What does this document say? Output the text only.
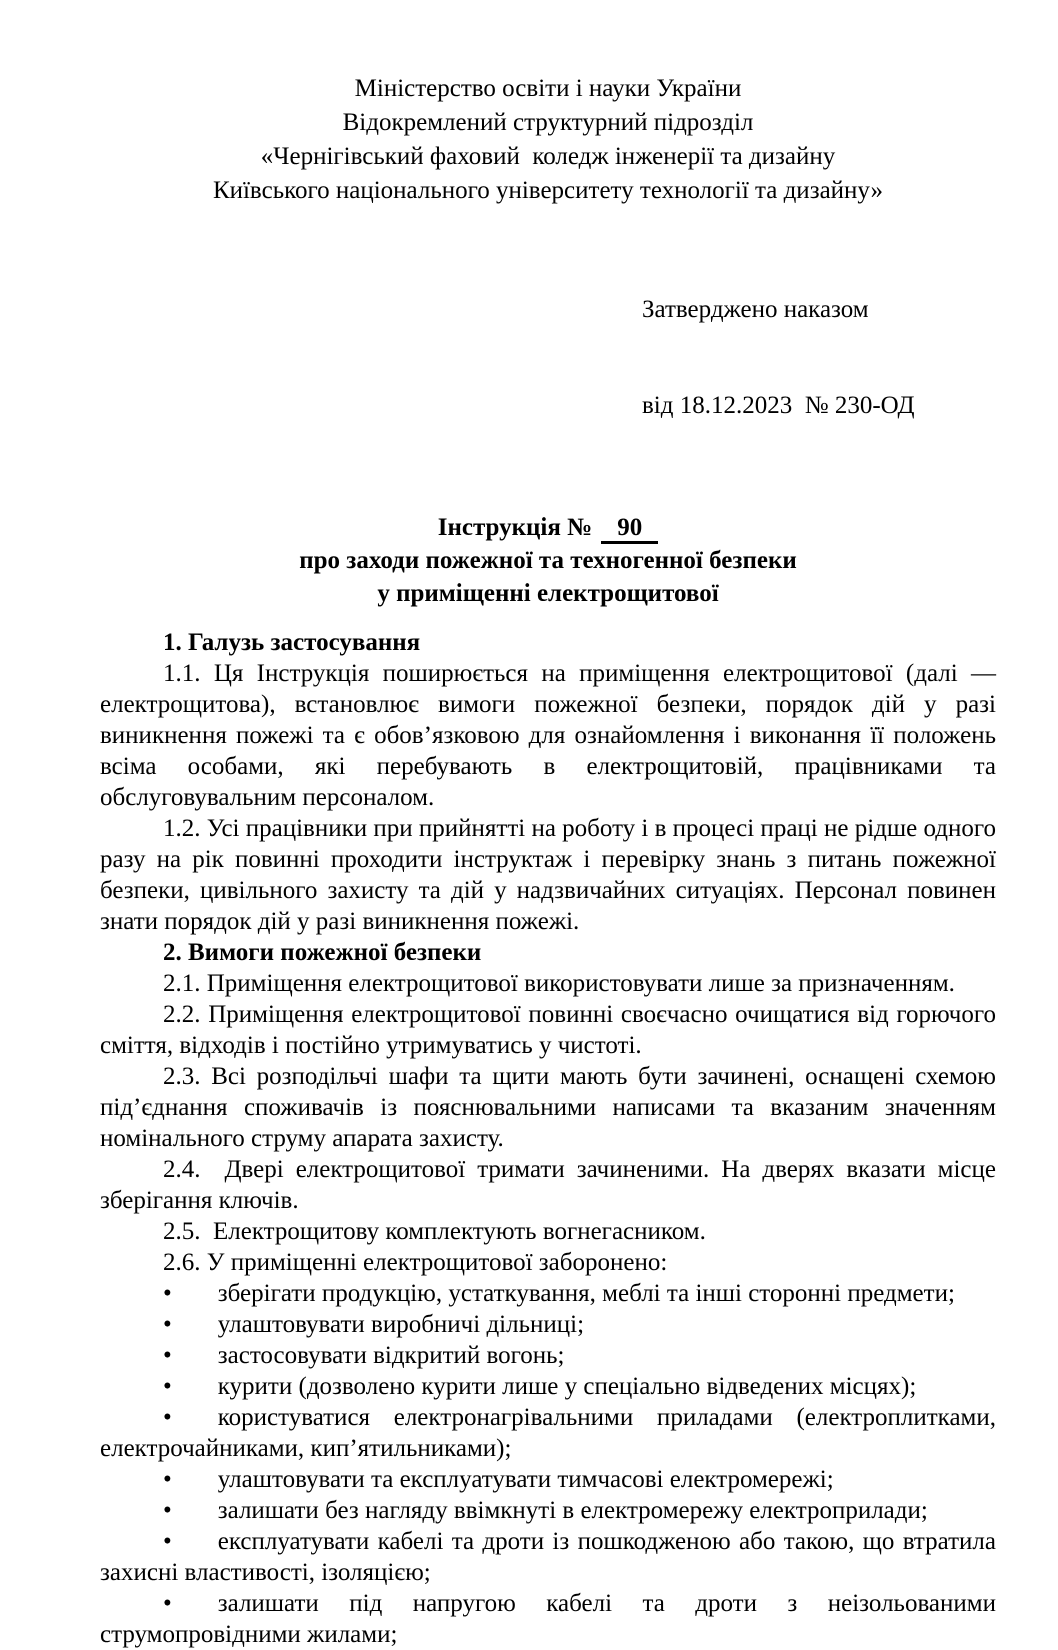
Міністерство освіти і науки України
Відокремлений структурний підрозділ
«Чернігівський фаховий  коледж інженерії та дизайну
Київського національного університету технології та дизайну»

Затверджено наказом

від 18.12.2023  № 230-ОД

Інструкція № 90
про заходи пожежної та техногенної безпеки
у приміщенні електрощитової
1. Галузь застосування
1.1. Ця Інструкція поширюється на приміщення електрощитової (далі — електрощитова), встановлює вимоги пожежної безпеки, порядок дій у разі виникнення пожежі та є обов’язковою для ознайомлення і виконання її положень всіма особами, які перебувають в електрощитовій, працівниками та обслуговувальним персоналом.
1.2. Усі працівники при прийнятті на роботу і в процесі праці не рідше одного разу на рік повинні проходити інструктаж і перевірку знань з питань пожежної безпеки, цивільного захисту та дій у надзвичайних ситуаціях. Персонал повинен знати порядок дій у разі виникнення пожежі.
2. Вимоги пожежної безпеки
2.1. Приміщення електрощитової використовувати лише за призначенням.
2.2. Приміщення електрощитової повинні своєчасно очищатися від горючого сміття, відходів і постійно утримуватись у чистоті.
2.3. Всі розподільчі шафи та щити мають бути зачинені, оснащені схемою під’єднання споживачів із пояснювальними написами та вказаним значенням номінального струму апарата захисту.
2.4.  Двері електрощитової тримати зачиненими. На дверях вказати місце зберігання ключів.
2.5.  Електрощитову комплектують вогнегасником.
2.6. У приміщенні електрощитової заборонено:
• зберігати продукцію, устаткування, меблі та інші сторонні предмети;
• улаштовувати виробничі дільниці;
• застосовувати відкритий вогонь;
• курити (дозволено курити лише у спеціально відведених місцях);
• користуватися електронагрівальними приладами (електроплитками, електрочайниками, кип’ятильниками);
• улаштовувати та експлуатувати тимчасові електромережі;
• залишати без нагляду ввімкнуті в електромережу електроприлади;
• експлуатувати кабелі та дроти із пошкодженою або такою, що втратила захисні властивості, ізоляцією;
• залишати під напругою кабелі та дроти з неізольованими струмопровідними жилами;
